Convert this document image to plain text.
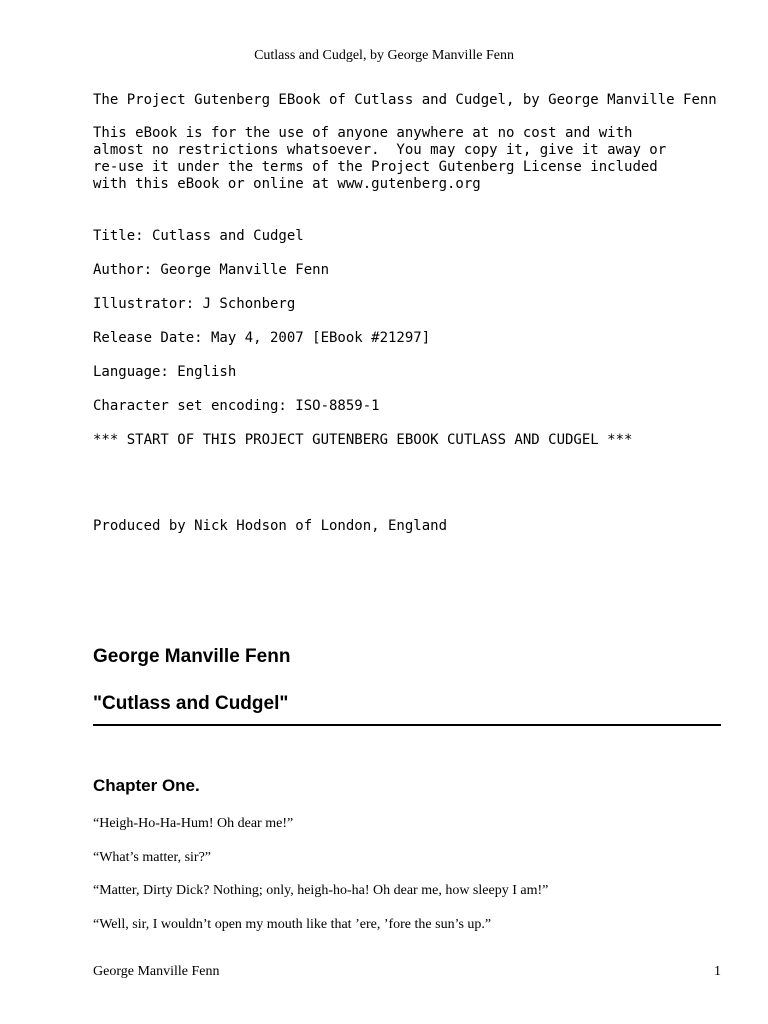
Cutlass and Cudgel, by George Manville Fenn
The Project Gutenberg EBook of Cutlass and Cudgel, by George Manville Fenn
This eBook is for the use of anyone anywhere at no cost and with
almost no restrictions whatsoever.  You may copy it, give it away or
re-use it under the terms of the Project Gutenberg License included
with this eBook or online at www.gutenberg.org
Title: Cutlass and Cudgel
Author: George Manville Fenn
Illustrator: J Schonberg
Release Date: May 4, 2007 [EBook #21297]
Language: English
Character set encoding: ISO-8859-1
*** START OF THIS PROJECT GUTENBERG EBOOK CUTLASS AND CUDGEL ***
Produced by Nick Hodson of London, England
George Manville Fenn
"Cutlass and Cudgel"
Chapter One.

“Heigh-Ho-Ha-Hum! Oh dear me!”

“What’s matter, sir?”

“Matter, Dirty Dick? Nothing; only, heigh-ho-ha! Oh dear me, how sleepy I am!”

“Well, sir, I wouldn’t open my mouth like that ’ere, ’fore the sun’s up.”

George Manville Fenn	1
